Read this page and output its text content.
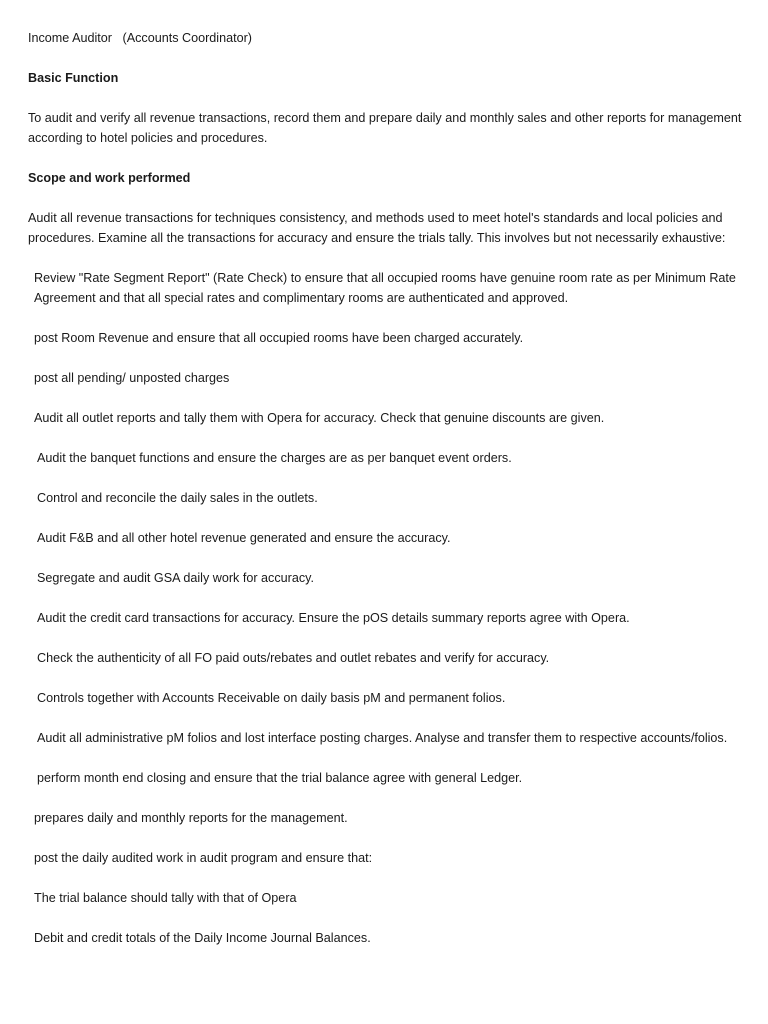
Income Auditor   (Accounts Coordinator)

Basic Function

To audit and verify all revenue transactions, record them and prepare daily and monthly sales and other reports for management according to hotel policies and procedures.

Scope and work performed

Audit all revenue transactions for techniques consistency, and methods used to meet hotel's standards and local policies and procedures. Examine all the transactions for accuracy and ensure the trials tally. This involves but not necessarily exhaustive:

Review "Rate Segment Report" (Rate Check) to ensure that all occupied rooms have genuine room rate as per Minimum Rate Agreement and that all special rates and complimentary rooms are authenticated and approved.

post Room Revenue and ensure that all occupied rooms have been charged accurately.

post all pending/ unposted charges

Audit all outlet reports and tally them with Opera for accuracy. Check that genuine discounts are given.

Audit the banquet functions and ensure the charges are as per banquet event orders.

Control and reconcile the daily sales in the outlets.

Audit F&B and all other hotel revenue generated and ensure the accuracy.

Segregate and audit GSA daily work for accuracy.

Audit the credit card transactions for accuracy. Ensure the pOS details summary reports agree with Opera.

Check the authenticity of all FO paid outs/rebates and outlet rebates and verify for accuracy.

Controls together with Accounts Receivable on daily basis pM and permanent folios.

Audit all administrative pM folios and lost interface posting charges. Analyse and transfer them to respective accounts/folios.

perform month end closing and ensure that the trial balance agree with general Ledger.

prepares daily and monthly reports for the management.

post the daily audited work in audit program and ensure that:

The trial balance should tally with that of Opera

Debit and credit totals of the Daily Income Journal Balances.
